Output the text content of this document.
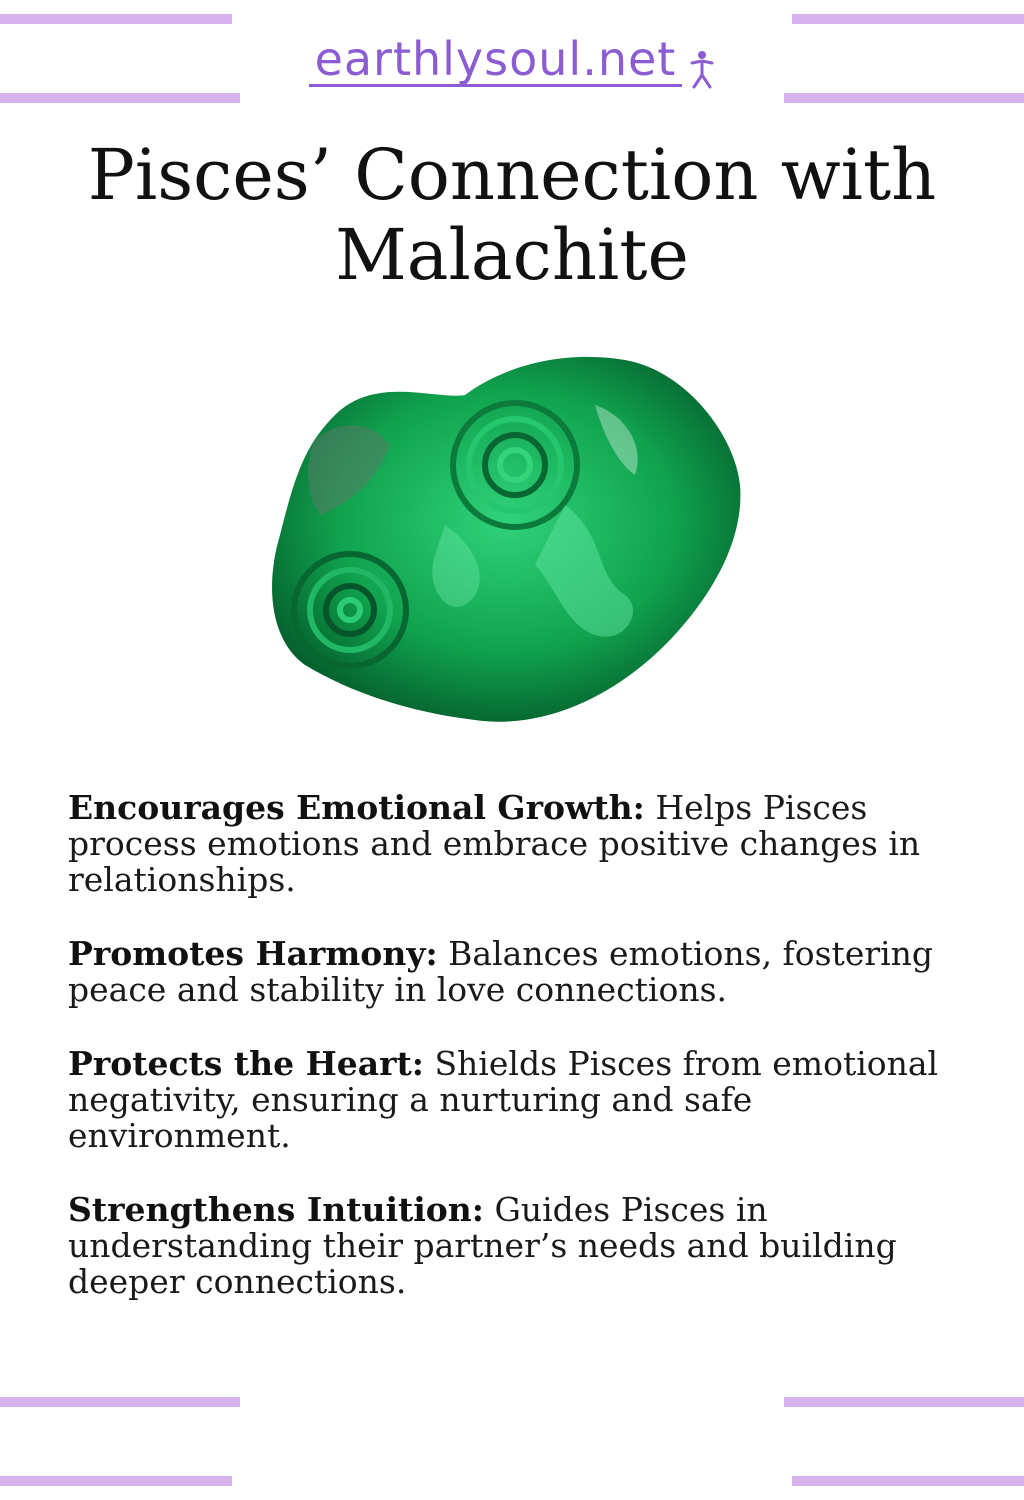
earthlysoul.net
Pisces’ Connection with Malachite

Encourages Emotional Growth: Helps Pisces process emotions and embrace positive changes in relationships.

Promotes Harmony: Balances emotions, fostering peace and stability in love connections.

Protects the Heart: Shields Pisces from emotional negativity, ensuring a nurturing and safe environment.

Strengthens Intuition: Guides Pisces in understanding their partner’s needs and building deeper connections.
